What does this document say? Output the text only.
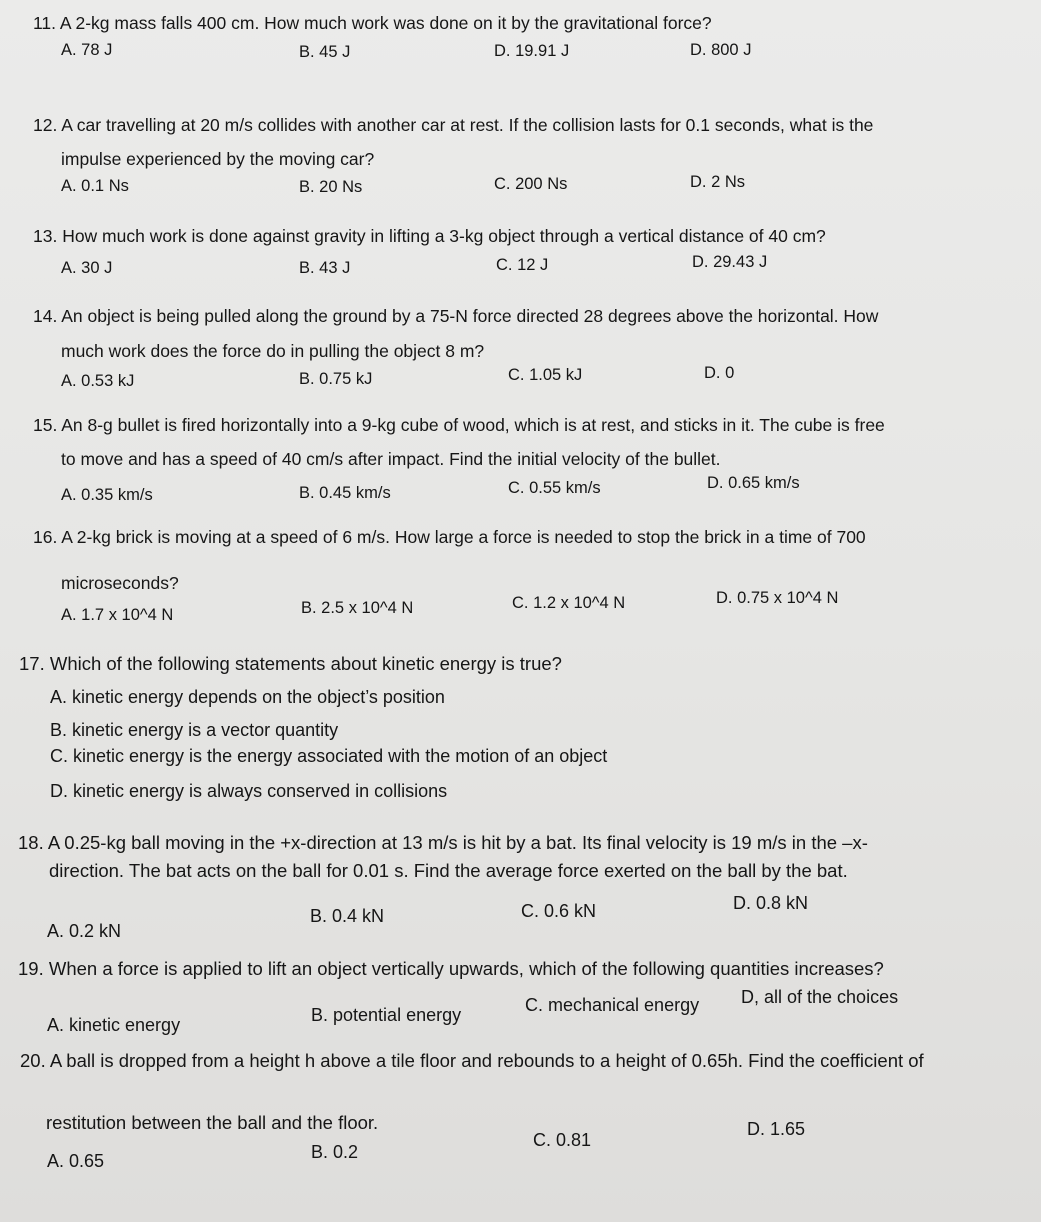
11. A 2-kg mass falls 400 cm. How much work was done on it by the gravitational force?
A. 78 J	B. 45 J	D. 19.91 J	D. 800 J
12. A car travelling at 20 m/s collides with another car at rest. If the collision lasts for 0.1 seconds, what is the
impulse experienced by the moving car?
A. 0.1 Ns	B. 20 Ns	C. 200 Ns	D. 2 Ns
13. How much work is done against gravity in lifting a 3-kg object through a vertical distance of 40 cm?
A. 30 J	B. 43 J	C. 12 J	D. 29.43 J
14. An object is being pulled along the ground by a 75-N force directed 28 degrees above the horizontal. How
much work does the force do in pulling the object 8 m?
A. 0.53 kJ	B. 0.75 kJ	C. 1.05 kJ	D. 0
15. An 8-g bullet is fired horizontally into a 9-kg cube of wood, which is at rest, and sticks in it. The cube is free
to move and has a speed of 40 cm/s after impact. Find the initial velocity of the bullet.
A. 0.35 km/s	B. 0.45 km/s	C. 0.55 km/s	D. 0.65 km/s
16. A 2-kg brick is moving at a speed of 6 m/s. How large a force is needed to stop the brick in a time of 700
microseconds?
A. 1.7 x 10^4 N	B. 2.5 x 10^4 N	C. 1.2 x 10^4 N	D. 0.75 x 10^4 N
17. Which of the following statements about kinetic energy is true?
A. kinetic energy depends on the object’s position
B. kinetic energy is a vector quantity
C. kinetic energy is the energy associated with the motion of an object
D. kinetic energy is always conserved in collisions
18. A 0.25-kg ball moving in the +x-direction at 13 m/s is hit by a bat. Its final velocity is 19 m/s in the –x-
direction. The bat acts on the ball for 0.01 s. Find the average force exerted on the ball by the bat.
A. 0.2 kN
B. 0.4 kN	C. 0.6 kN	D. 0.8 kN
19. When a force is applied to lift an object vertically upwards, which of the following quantities increases?
A. kinetic energy	B. potential energy	C. mechanical energy D, all of the choices
20. A ball is dropped from a height h above a tile floor and rebounds to a height of 0.65h. Find the coefficient of
restitution between the ball and the floor.
A. 0.65	B. 0.2
C. 0.81
D. 1.65
